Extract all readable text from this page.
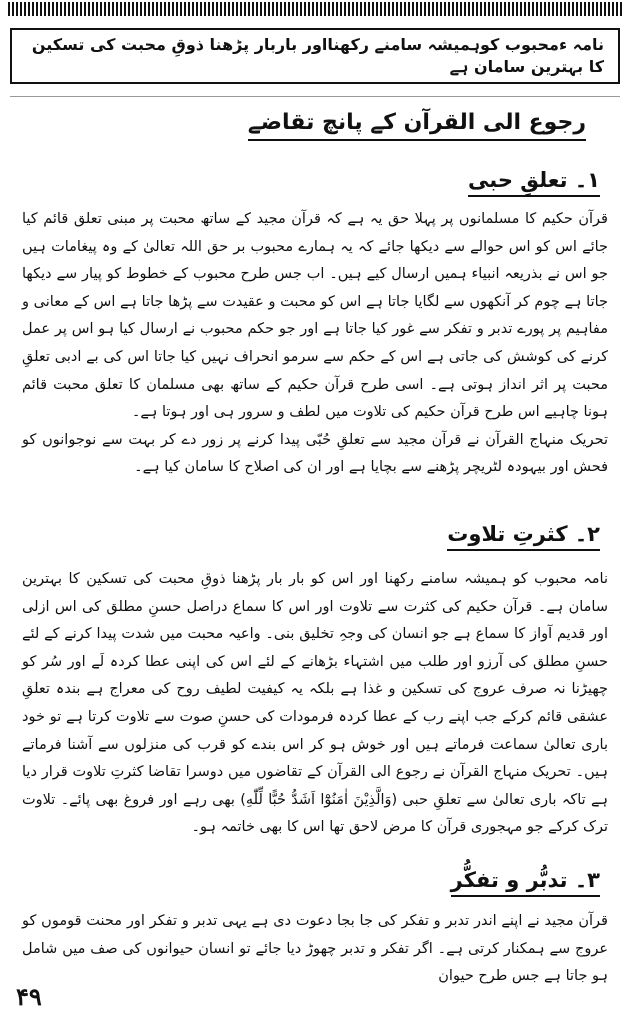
نامہ ءمحبوب کوہمیشہ سامنے رکھنااور باربار پڑھنا ذوقِ محبت کی تسکین کا بہترین سامان ہے
رجوع الی القرآن کے پانچ تقاضے
۱۔ تعلقِ حبی

قرآن حکیم کا مسلمانوں پر پہلا حق یہ ہے کہ قرآن مجید کے ساتھ محبت پر مبنی تعلق قائم کیا جائے اس کو اس حوالے سے دیکھا جائے کہ یہ ہمارے محبوب بر حق اللہ تعالیٰ کے وہ پیغامات ہیں جو اس نے بذریعہ انبیاء ہمیں ارسال کیے ہیں۔ اب جس طرح محبوب کے خطوط کو پیار سے دیکھا جاتا ہے چوم کر آنکھوں سے لگایا جاتا ہے اس کو محبت و عقیدت سے پڑھا جاتا ہے اس کے معانی و مفاہیم پر پورے تدبر و تفکر سے غور کیا جاتا ہے اور جو حکم محبوب نے ارسال کیا ہو اس پر عمل کرنے کی کوشش کی جاتی ہے اس کے حکم سے سرمو انحراف نہیں کیا جاتا اس کی بے ادبی تعلقِ محبت پر اثر انداز ہوتی ہے۔ اسی طرح قرآن حکیم کے ساتھ بھی مسلمان کا تعلق محبت قائم ہونا چاہیے اس طرح قرآن حکیم کی تلاوت میں لطف و سرور ہی اور ہوتا ہے۔

تحریک منہاج القرآن نے قرآن مجید سے تعلقِ حُبّی پیدا کرنے پر زور دے کر بہت سے نوجوانوں کو فحش اور بیہودہ لٹریچر پڑھنے سے بچایا ہے اور ان کی اصلاح کا سامان کیا ہے۔

۲۔ کثرتِ تلاوت

نامہ محبوب کو ہمیشہ سامنے رکھنا اور اس کو بار بار پڑھنا ذوقِ محبت کی تسکین کا بہترین سامان ہے۔ قرآن حکیم کی کثرت سے تلاوت اور اس کا سماع دراصل حسنِ مطلق کی اس ازلی اور قدیم آواز کا سماع ہے جو انسان کی وجہِ تخلیق بنی۔ واعیہ محبت میں شدت پیدا کرنے کے لئے حسنِ مطلق کی آرزو اور طلب میں اشتہاء بڑھانے کے لئے اس کی اپنی عطا کردہ لَے اور سُر کو چھیڑنا نہ صرف عروج کی تسکین و غذا ہے بلکہ یہ کیفیت لطیف روح کی معراج ہے بندہ تعلقِ عشقی قائم کرکے جب اپنے رب کے عطا کردہ فرمودات کی حسنِ صوت سے تلاوت کرتا ہے تو خود باری تعالیٰ سماعت فرماتے ہیں اور خوش ہو کر اس بندے کو قرب کی منزلوں سے آشنا فرماتے ہیں۔ تحریک منہاج القرآن نے رجوع الی القرآن کے تقاضوں میں دوسرا تقاضا کثرتِ تلاوت قرار دیا ہے تاکہ باری تعالیٰ سے تعلقِ حبی (وَالَّذِيْنَ اٰمَنُوْٓا اَشَدُّ حُبًّا لِّلّٰهِ) بھی رہے اور فروغ بھی پائے۔ تلاوت ترک کرکے جو مہجوری قرآن کا مرض لاحق تھا اس کا بھی خاتمہ ہو۔

۳۔ تدبُّر و تفکُّر

قرآن مجید نے اپنے اندر تدبر و تفکر کی جا بجا دعوت دی ہے یہی تدبر و تفکر اور محنت قوموں کو عروج سے ہمکنار کرتی ہے۔ اگر تفکر و تدبر چھوڑ دیا جائے تو انسان حیوانوں کی صف میں شامل ہو جاتا ہے جس طرح حیوان

۴۹
